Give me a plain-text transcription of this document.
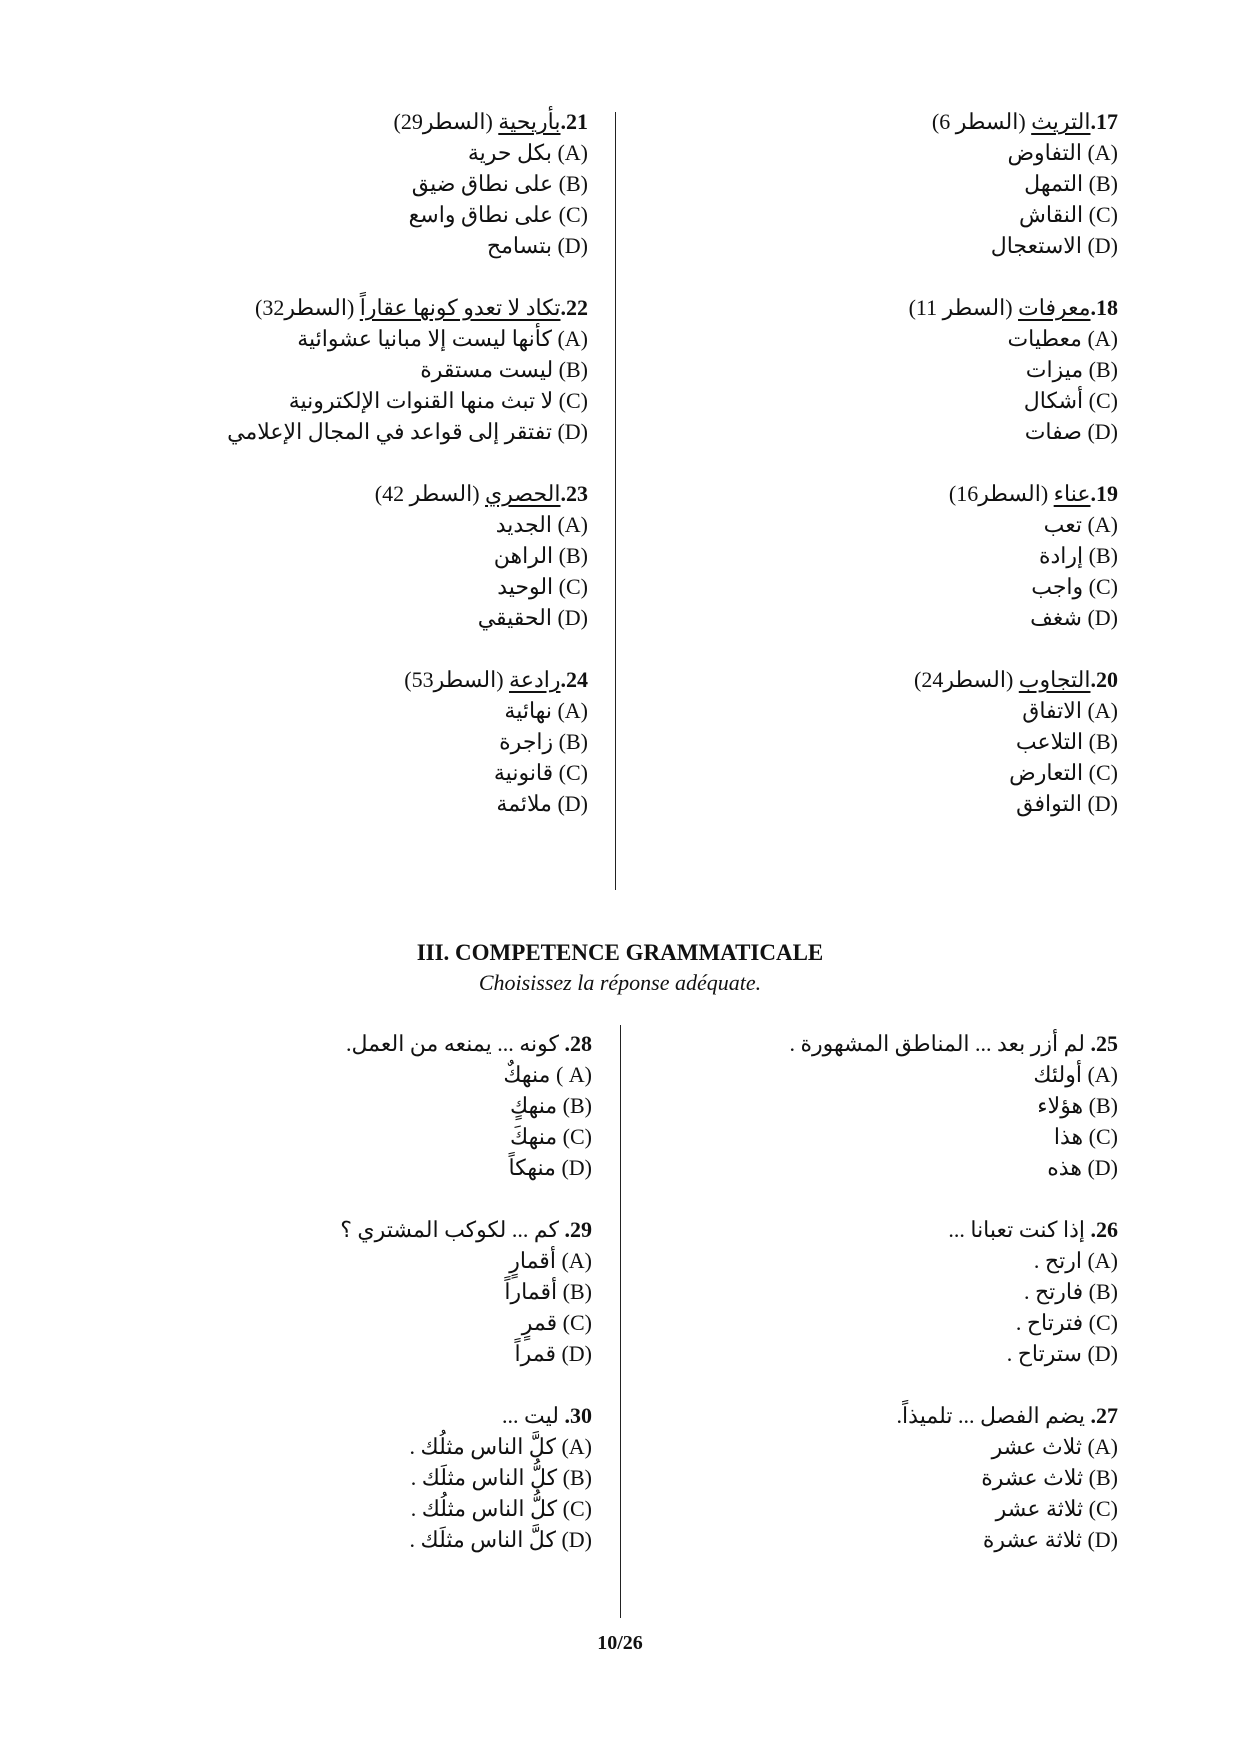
17.التريث (السطر 6)
(A) التفاوض
(B) التمهل
(C) النقاش
(D) الاستعجال
18.معرفات (السطر 11)
(A) معطيات
(B) ميزات
(C) أشكال
(D) صفات
19.عناء (السطر16)
(A) تعب
(B) إرادة
(C) واجب
(D) شغف
20.التجاوب (السطر24)
(A) الاتفاق
(B) التلاعب
(C) التعارض
(D) التوافق
21.بأريحية (السطر29)
(A) بكل حرية
(B) على نطاق ضيق
(C) على نطاق واسع
(D) بتسامح
22.تكاد لا تعدو كونها عقاراً (السطر32)
(A) كأنها ليست إلا مبانيا عشوائية
(B) ليست مستقرة
(C) لا تبث منها القنوات الإلكترونية
(D) تفتقر إلى قواعد في المجال الإعلامي
23.الحصري (السطر 42)
(A) الجديد
(B) الراهن
(C) الوحيد
(D) الحقيقي
24.رادعة (السطر53)
(A) نهائية
(B) زاجرة
(C) قانونية
(D) ملائمة
III. COMPETENCE GRAMMATICALE
Choisissez la réponse adéquate.
25. لم أزر بعد ... المناطق المشهورة .
(A) أولئك
(B) هؤلاء
(C) هذا
(D) هذه
26. إذا كنت تعبانا ...
(A) ارتح .
(B) فارتح .
(C) فترتاح .
(D) سترتاح .
27. يضم الفصل ... تلميذاً.
(A) ثلاث عشر
(B) ثلاث عشرة
(C) ثلاثة عشر
(D) ثلاثة عشرة
28. كونه ... يمنعه من العمل.
(A ) منهكٌ
(B) منهكٍ
(C) منهكَ
(D) منهكاً
29. كم ... لكوكب المشتري ؟
(A) أقمارٍ
(B) أقماراً
(C) قمرٍ
(D) قمراً
30. ليت ...
(A) كلَّ الناس مثلُك .
(B) كلُّ الناس مثلَك .
(C) كلُّ الناس مثلُك .
(D) كلَّ الناس مثلَك .
10/26
